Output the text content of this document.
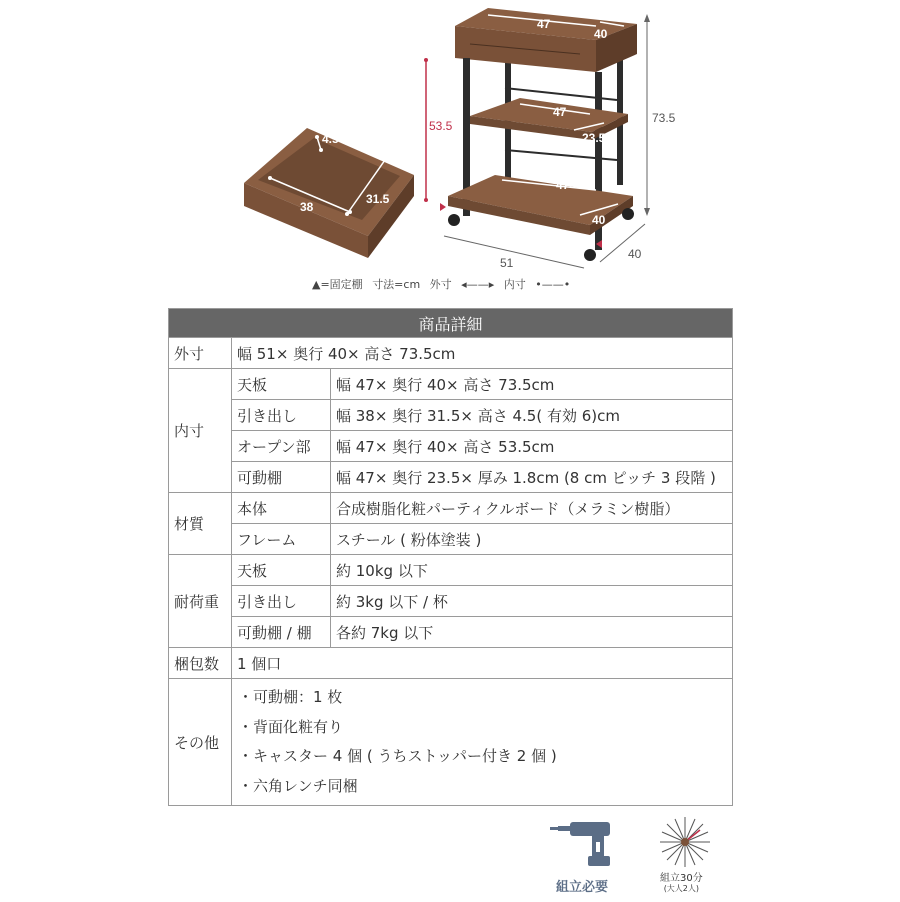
4.5
31.5
38
47
40
53.5
47
23.5
47
40
73.5
51
40
▲=固定棚 寸法=cm 外寸 ◂——▸ 内寸 •——•
商品詳細		
外寸	幅 51× 奥行 40× 高さ 73.5cm	
内寸	天板	幅 47× 奥行 40× 高さ 73.5cm
	引き出し	幅 38× 奥行 31.5× 高さ 4.5( 有効 6)cm
	オープン部	幅 47× 奥行 40× 高さ 53.5cm
	可動棚	幅 47× 奥行 23.5× 厚み 1.8cm (8 cm ピッチ 3 段階 )
材質	本体	合成樹脂化粧パーティクルボード（メラミン樹脂）
	フレーム	スチール ( 粉体塗装 )
耐荷重	天板	約 10kg 以下
	引き出し	約 3kg 以下 / 杯
	可動棚 / 棚	各約 7kg 以下
梱包数	1 個口	
その他	・可動棚：1 枚
・背面化粧有り
・キャスター 4 個 ( うちストッパー付き 2 個 )
・六角レンチ同梱	
組立必要
組立30分
(大人2人)
